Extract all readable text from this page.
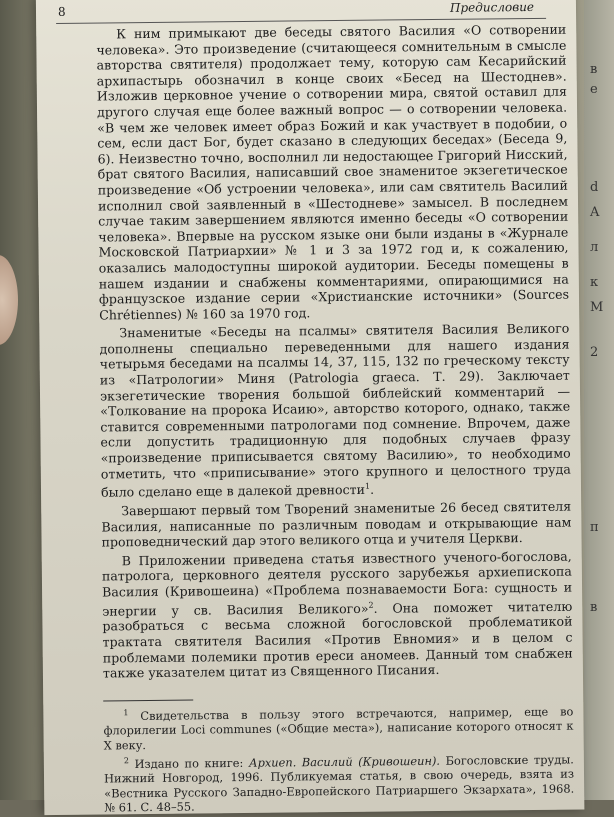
в
e
d
A
л
к
М
2
п
в
8	Предисловие

К ним примыкают две беседы святого Василия «О сотворении человека». Это произведение (считающееся сомнительным в смысле авторства святителя) продолжает тему, которую сам Кесарийский архипастырь обозначил в конце своих «Бесед на Шестоднев». Изложив церковное учение о сотворении мира, святой оставил для другого случая еще более важный вопрос — о сотворении человека. «В чем же человек имеет образ Божий и как участвует в подобии, о сем, если даст Бог, будет сказано в следующих беседах» (Беседа 9, 6). Неизвестно точно, восполнил ли недостающее Григорий Нисский, брат святого Василия, написавший свое знаменитое экзегетическое произведение «Об устроении человека», или сам святитель Василий исполнил свой заявленный в «Шестодневе» замысел. В последнем случае таким завершением являются именно беседы «О сотворении человека». Впервые на русском языке они были изданы в «Журнале Московской Патриархии» № 1 и 3 за 1972 год и, к сожалению, оказались малодоступны широкой аудитории. Беседы помещены в нашем издании и снабжены комментариями, опирающимися на французское издание серии «Христианские источники» (Sources Chrétiennes) № 160 за 1970 год.

Знаменитые «Беседы на псалмы» святителя Василия Великого дополнены специально переведенными для нашего издания четырьмя беседами на псалмы 14, 37, 115, 132 по греческому тексту из «Патрологии» Миня (Patrologia graeca. Т. 29). Заключает экзегетические творения большой библейский комментарий — «Толкование на пророка Исаию», авторство которого, однако, также ставится современными патрологами под сомнение. Впрочем, даже если допустить традиционную для подобных случаев фразу «произведение приписывается святому Василию», то необходимо отметить, что «приписывание» этого крупного и целостного труда было сделано еще в далекой древности$^1$.

Завершают первый том Творений знаменитые 26 бесед святителя Василия, написанные по различным поводам и открывающие нам проповеднический дар этого великого отца и учителя Церкви.

В Приложении приведена статья известного ученого-богослова, патролога, церковного деятеля русского зарубежья архиепископа Василия (Кривошеина) «Проблема познаваемости Бога: сущность и энергии у св. Василия Великого»$^2$. Она поможет читателю разобраться с весьма сложной богословской проблематикой трактата святителя Василия «Против Евномия» и в целом с проблемами полемики против ереси аномеев. Данный том снабжен также указателем цитат из Священного Писания.

$^1$ Свидетельства в пользу этого встречаются, например, еще во флорилегии Loci communes («Общие места»), написание которого относят к X веку.

$^2$ Издано по книге: Архиеп. Василий (Кривошеин). Богословские труды. Нижний Новгород, 1996. Публикуемая статья, в свою очередь, взята из «Вестника Русского Западно-Европейского Патриаршего Экзархата», 1968. № 61. С. 48–55.
